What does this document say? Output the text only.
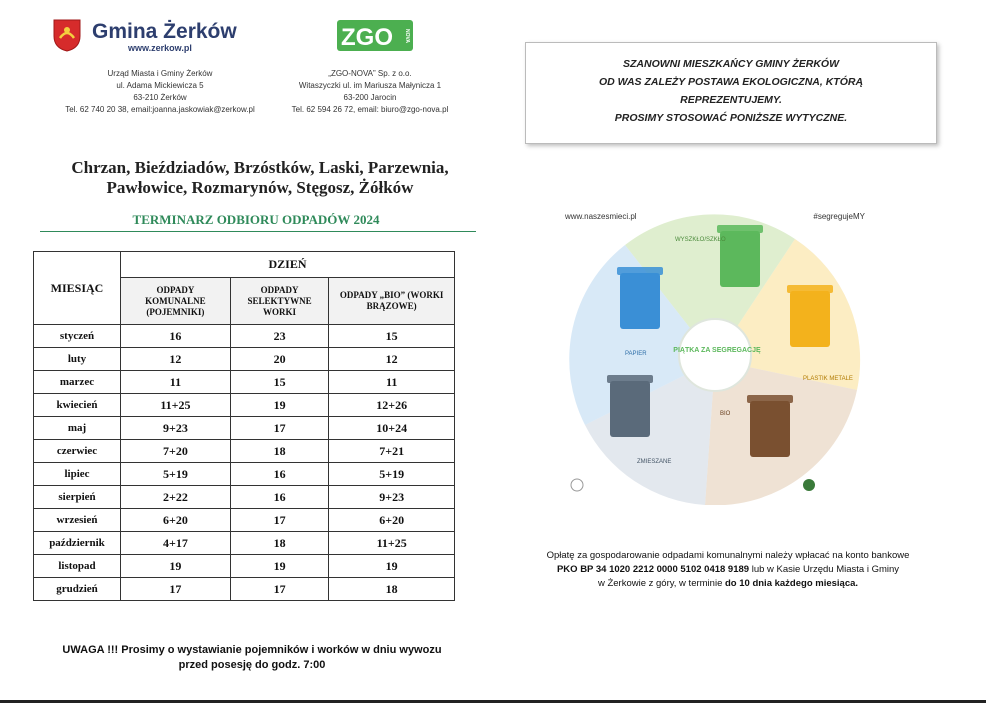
Gmina Żerków
www.zerkow.pl
Urząd Miasta i Gminy Żerków
ul. Adama Mickiewicza 5
63-210 Żerków
Tel. 62 740 20 38, email:joanna.jaskowiak@zerkow.pl
ZGO NOVA
„ZGO-NOVA” Sp. z o.o.
Witaszyczki ul. im Mariusza Małynicza 1
63-200 Jarocin
Tel. 62 594 26 72, email: biuro@zgo-nova.pl
Chrzan, Bieździadów, Brzóstków, Laski, Parzewnia,
Pawłowice, Rozmarynów, Stęgosz, Żółków
TERMINARZ ODBIORU ODPADÓW 2024
MIESIĄC	DZIEŃ		

	ODPADY KOMUNALNE (POJEMNIKI)	ODPADY SELEKTYWNE WORKI	ODPADY „BIO” (WORKI BRĄZOWE)

styczeń	16	23	15
luty	12	20	12
marzec	11	15	11
kwiecień	11+25	19	12+26
maj	9+23	17	10+24
czerwiec	7+20	18	7+21
lipiec	5+19	16	5+19
sierpień	2+22	16	9+23
wrzesień	6+20	17	6+20
październik	4+17	18	11+25
listopad	19	19	19
grudzień	17	17	18
UWAGA !!! Prosimy o wystawianie pojemników i worków w dniu wywozu
przed posesję do godz. 7:00
SZANOWNI MIESZKAŃCY GMINY ŻERKÓW
OD WAS ZALEŻY POSTAWA EKOLOGICZNA, KTÓRĄ
REPREZENTUJEMY.
PROSIMY STOSOWAĆ PONIŻSZE WYTYCZNE.
www.naszesmieci.pl	#segregujeMY
PIĄTKA ZA SEGREGACJĘ
WYSZKŁO/SZKŁO
PAPIER
PLASTIK METALE
BIO
ZMIESZANE
Opłatę za gospodarowanie odpadami komunalnymi należy wpłacać na konto bankowe
PKO BP 34 1020 2212 0000 5102 0418 9189 lub w Kasie Urzędu Miasta i Gminy
w Żerkowie z góry, w terminie do 10 dnia każdego miesiąca.
